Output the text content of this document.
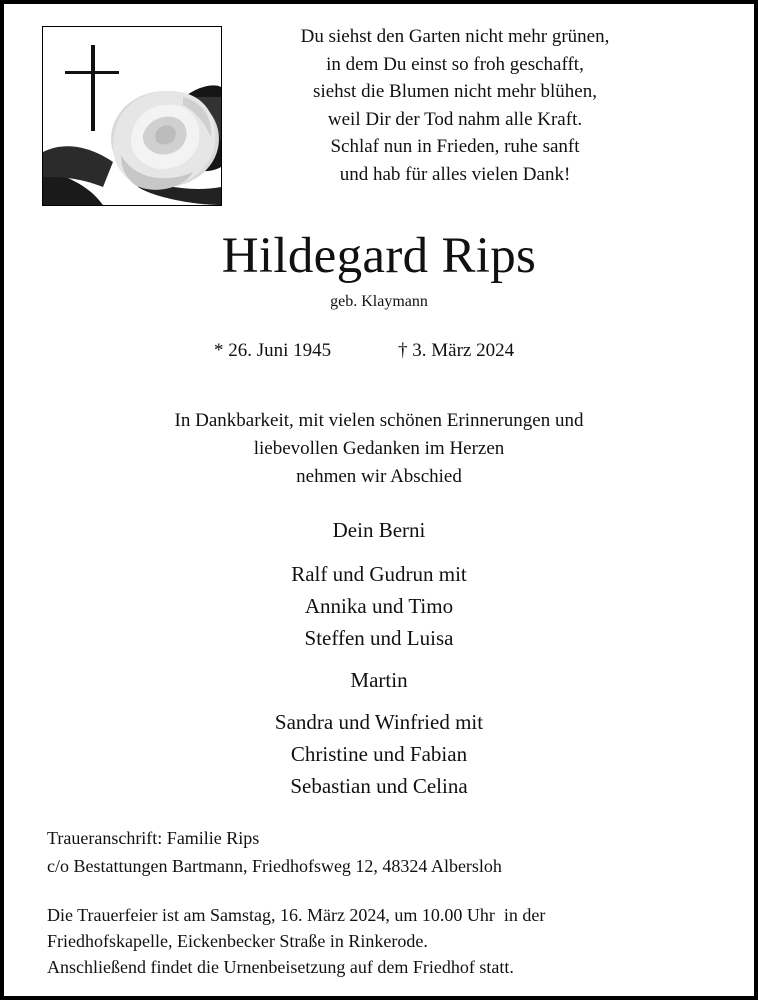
Du siehst den Garten nicht mehr grünen,
in dem Du einst so froh geschafft,
siehst die Blumen nicht mehr blühen,
weil Dir der Tod nahm alle Kraft.
Schlaf nun in Frieden, ruhe sanft
und hab für alles vielen Dank!
Hildegard Rips
geb. Klaymann
* 26. Juni 1945	† 3. März 2024
In Dankbarkeit, mit vielen schönen Erinnerungen und
liebevollen Gedanken im Herzen
nehmen wir Abschied
Dein Berni
Ralf und Gudrun mit
Annika und Timo
Steffen und Luisa
Martin
Sandra und Winfried mit
Christine und Fabian
Sebastian und Celina
Traueranschrift: Familie Rips
c/o Bestattungen Bartmann, Friedhofsweg 12, 48324 Albersloh
Die Trauerfeier ist am Samstag, 16. März 2024, um 10.00 Uhr  in der
Friedhofskapelle, Eickenbecker Straße in Rinkerode.
Anschließend findet die Urnenbeisetzung auf dem Friedhof statt.
